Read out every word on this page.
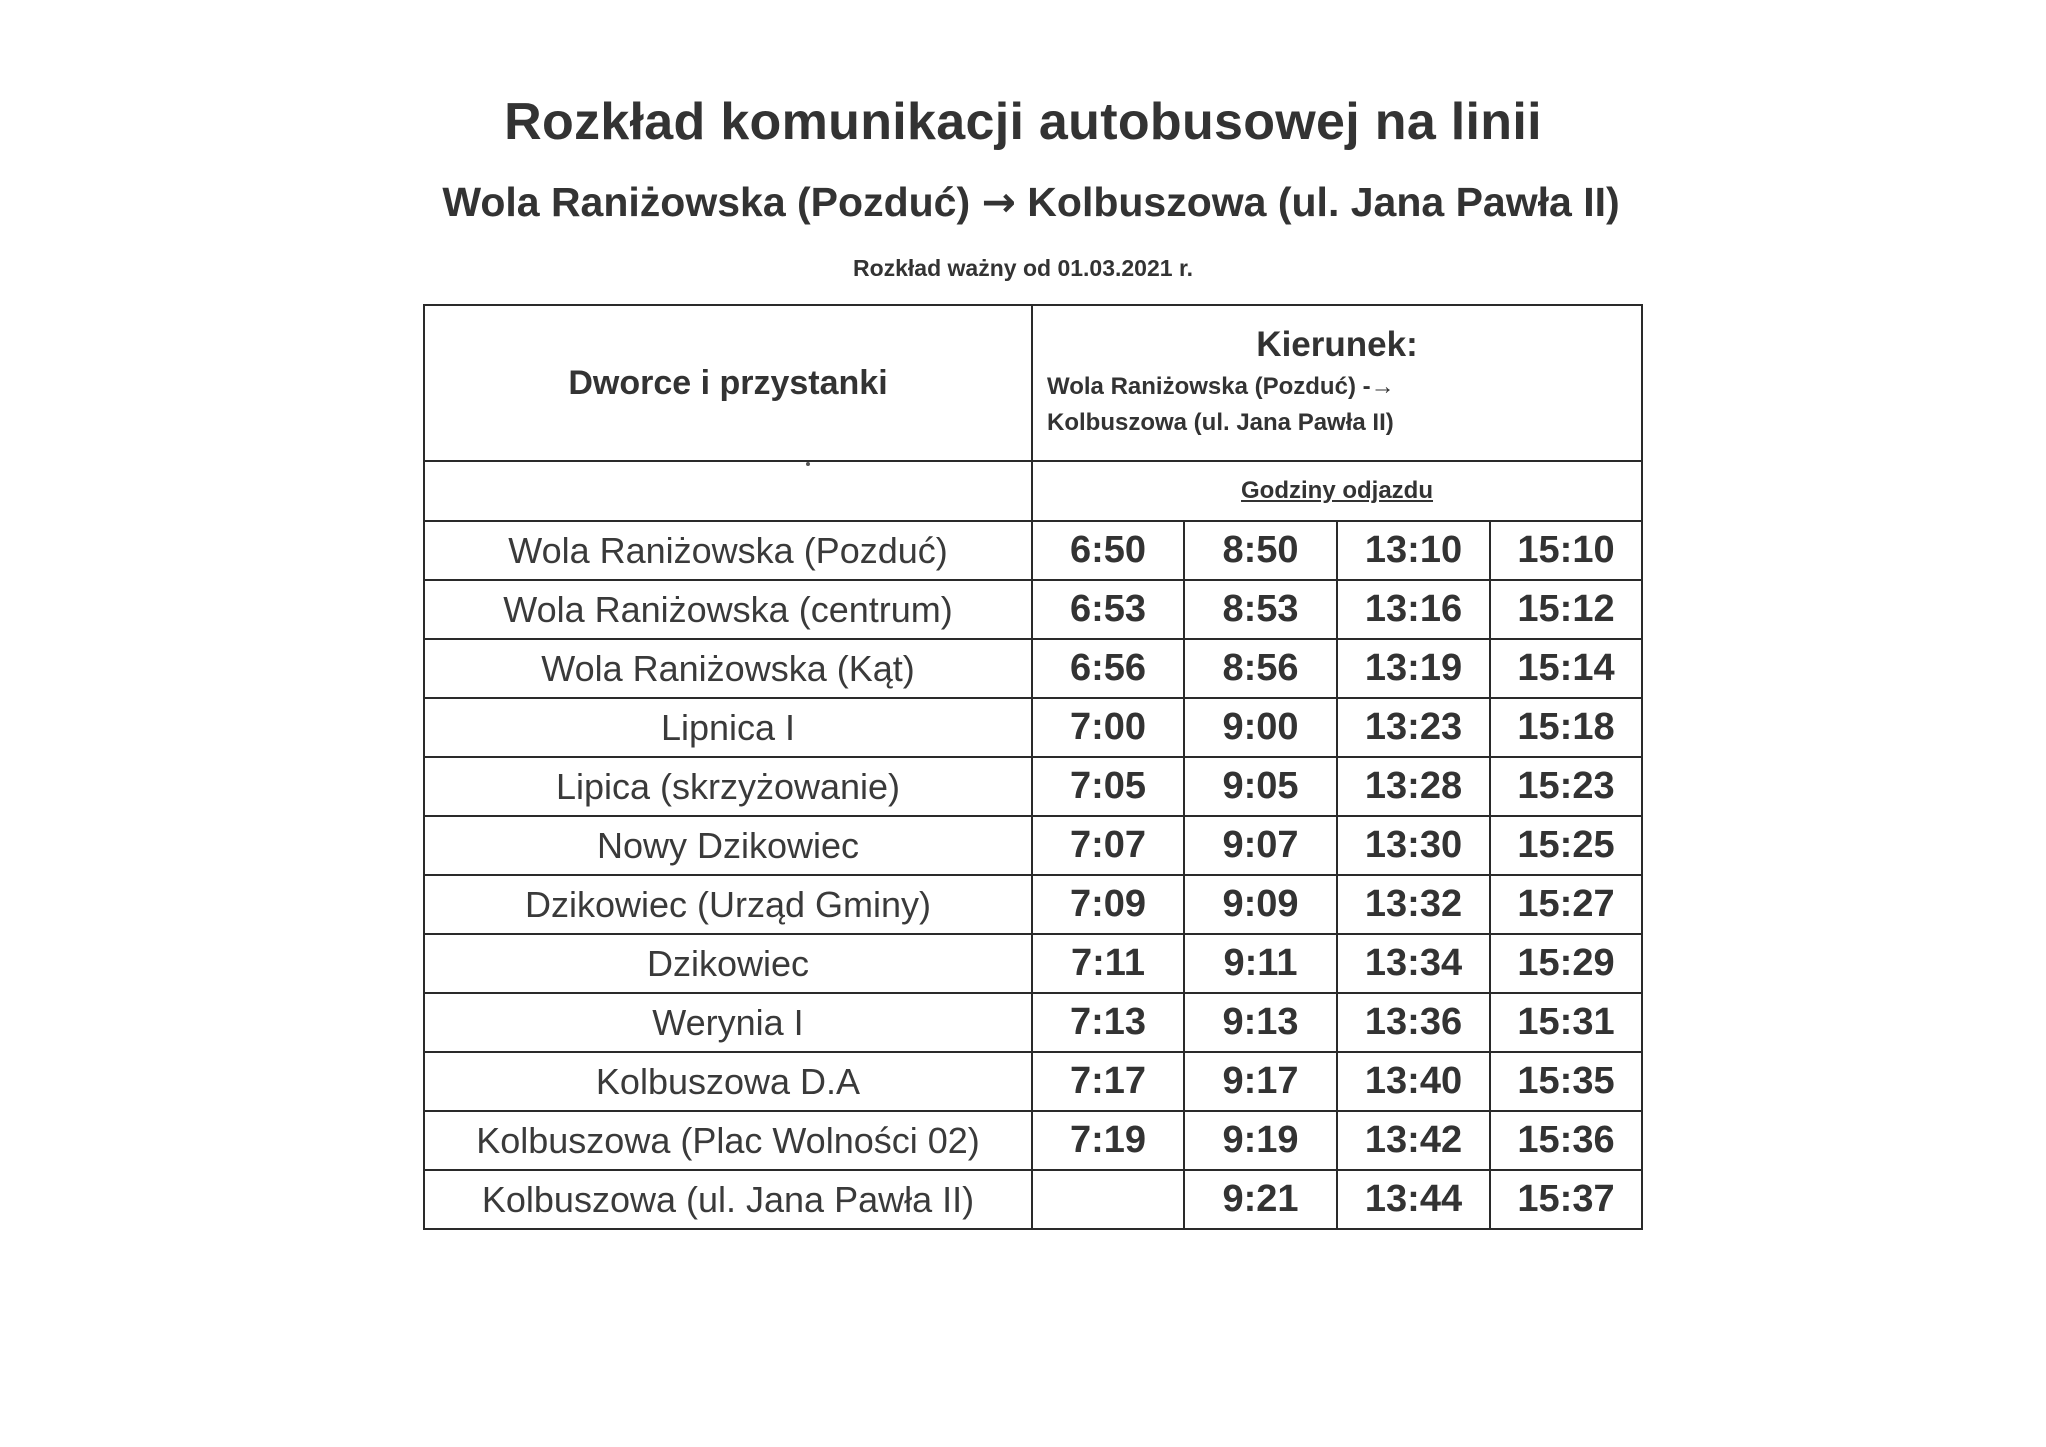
Rozkład komunikacji autobusowej na linii
Wola Raniżowska (Pozduć) → Kolbuszowa (ul. Jana Pawła II)
Rozkład ważny od 01.03.2021 r.
Dworce i przystanki	Kierunek:
Wola Raniżowska (Pozduć) -→
Kolbuszowa (ul. Jana Pawła II)			

	Godziny odjazdu			
Wola Raniżowska (Pozduć)	6:50	8:50	13:10	15:10
Wola Raniżowska (centrum)	6:53	8:53	13:16	15:12
Wola Raniżowska (Kąt)	6:56	8:56	13:19	15:14
Lipnica I	7:00	9:00	13:23	15:18
Lipica (skrzyżowanie)	7:05	9:05	13:28	15:23
Nowy Dzikowiec	7:07	9:07	13:30	15:25
Dzikowiec (Urząd Gminy)	7:09	9:09	13:32	15:27
Dzikowiec	7:11	9:11	13:34	15:29
Werynia I	7:13	9:13	13:36	15:31
Kolbuszowa D.A	7:17	9:17	13:40	15:35
Kolbuszowa (Plac Wolności 02)	7:19	9:19	13:42	15:36
Kolbuszowa (ul. Jana Pawła II)		9:21	13:44	15:37
